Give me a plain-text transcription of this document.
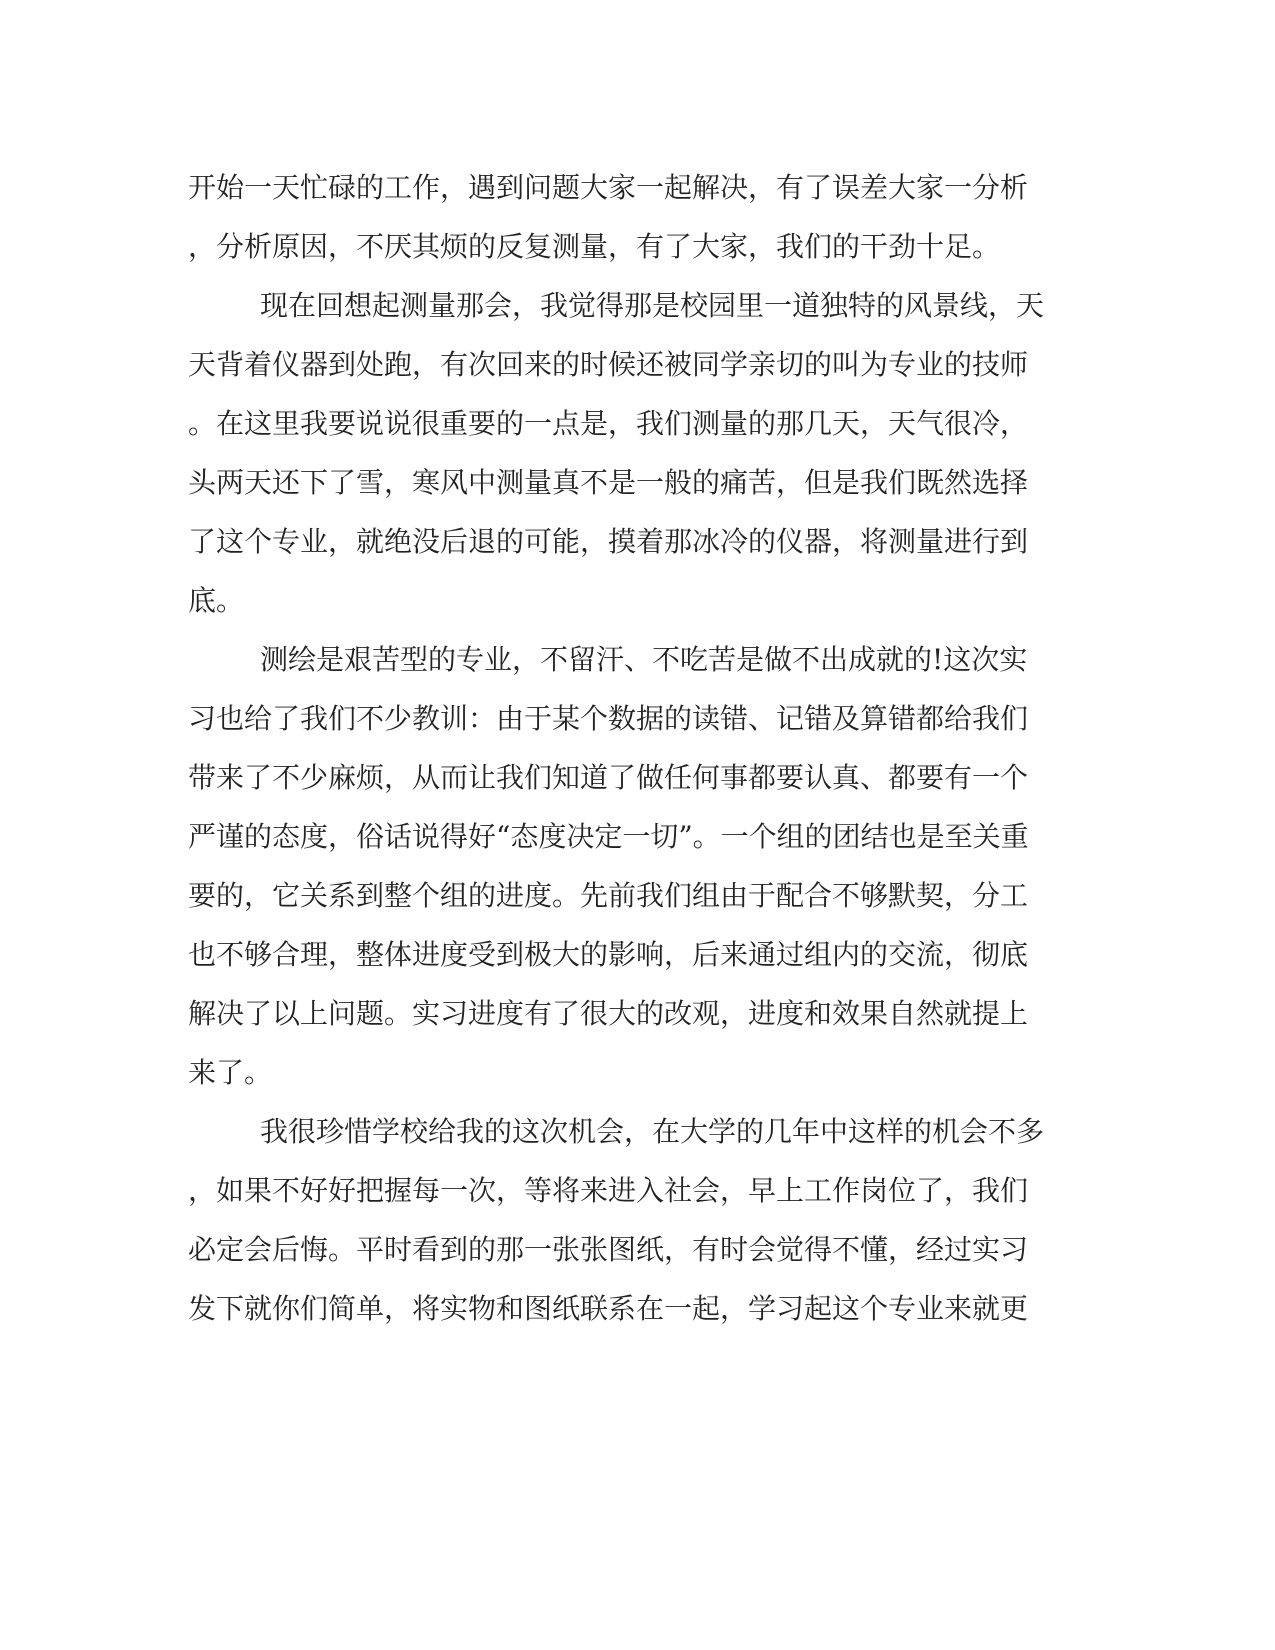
开始一天忙碌的工作，遇到问题大家一起解决，有了误差大家一分析
，分析原因，不厌其烦的反复测量，有了大家，我们的干劲十足。
现在回想起测量那会，我觉得那是校园里一道独特的风景线，天
天背着仪器到处跑，有次回来的时候还被同学亲切的叫为专业的技师
。在这里我要说说很重要的一点是，我们测量的那几天，天气很冷，
头两天还下了雪，寒风中测量真不是一般的痛苦，但是我们既然选择
了这个专业，就绝没后退的可能，摸着那冰冷的仪器，将测量进行到
底。
测绘是艰苦型的专业，不留汗、不吃苦是做不出成就的!这次实
习也给了我们不少教训：由于某个数据的读错、记错及算错都给我们
带来了不少麻烦，从而让我们知道了做任何事都要认真、都要有一个
严谨的态度，俗话说得好“态度决定一切”。一个组的团结也是至关重
要的，它关系到整个组的进度。先前我们组由于配合不够默契，分工
也不够合理，整体进度受到极大的影响，后来通过组内的交流，彻底
解决了以上问题。实习进度有了很大的改观，进度和效果自然就提上
来了。
我很珍惜学校给我的这次机会，在大学的几年中这样的机会不多
，如果不好好把握每一次，等将来进入社会，早上工作岗位了，我们
必定会后悔。平时看到的那一张张图纸，有时会觉得不懂，经过实习
发下就你们简单，将实物和图纸联系在一起，学习起这个专业来就更
